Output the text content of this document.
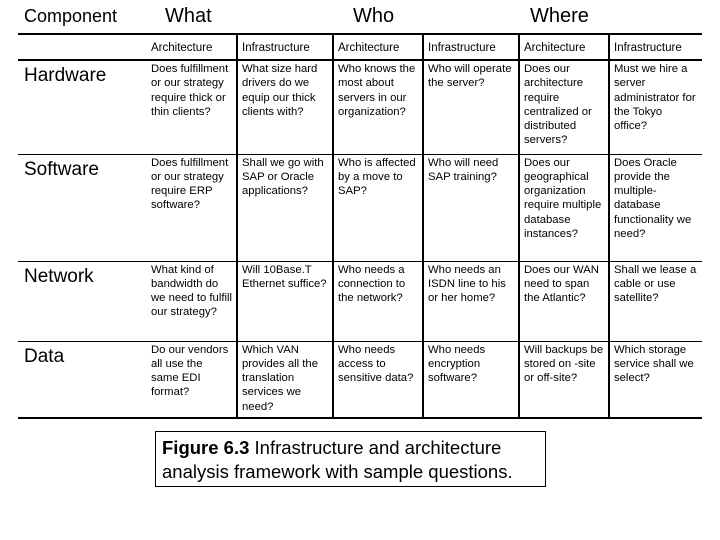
Component What	Who	Where
	Architecture	Infrastructure	Architecture	Infrastructure	Architecture	Infrastructure
Hardware	Does fulfillment or our strategy require thick or thin clients?	What size hard drivers do we equip our thick clients with?	Who knows the most about servers in our organization?	Who will operate the server?	Does our architecture require centralized or distributed servers?	Must we hire a server administrator for the Tokyo office?
Software	Does fulfillment or our strategy require ERP software?	Shall we go with SAP or Oracle applications?	Who is affected by a move to SAP?	Who will need SAP training?	Does our geographical organization require multiple database instances?	Does Oracle provide the multiple-database functionality we need?
Network	What kind of bandwidth do we need to fulfill our strategy?	Will 10Base.T Ethernet suffice?	Who needs a connection to the network?	Who needs an ISDN line to his or her home?	Does our WAN need to span the Atlantic?	Shall we lease a cable or use satellite?
Data	Do our vendors all use the same EDI format?	Which VAN provides all the translation services we need?	Who needs access to sensitive data?	Who needs encryption software?	Will backups be stored on -site or off-site?	Which storage service shall we select?
Figure 6.3 Infrastructure and architecture analysis framework with sample questions.
